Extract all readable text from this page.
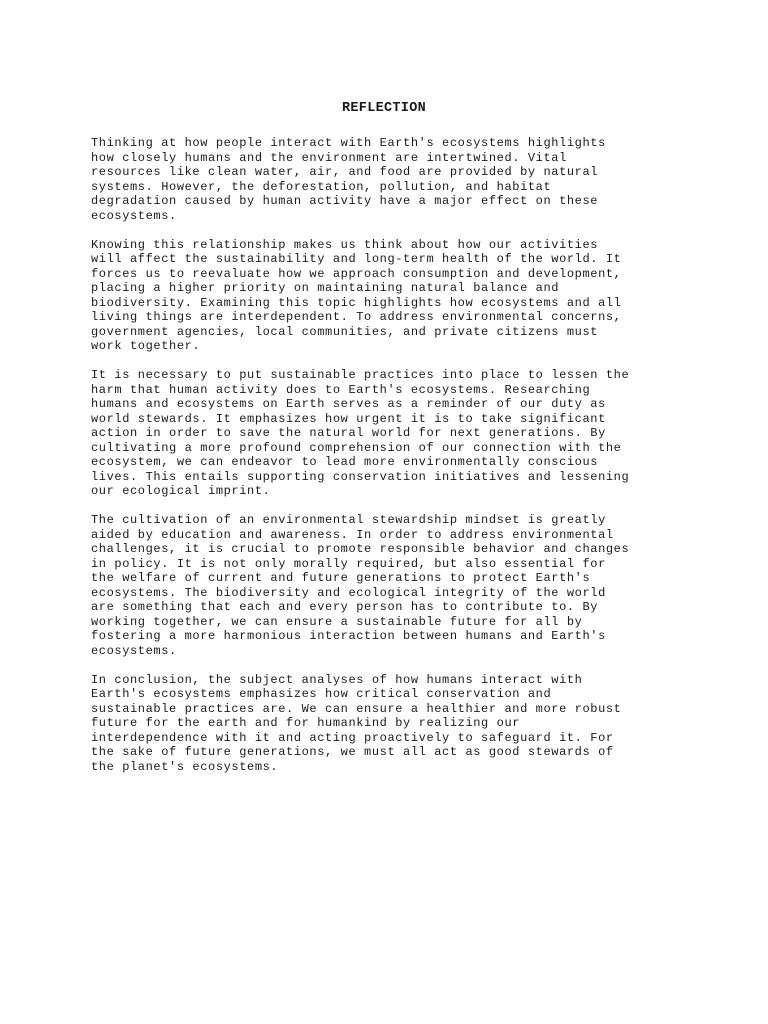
REFLECTION

Thinking at how people interact with Earth's ecosystems highlights
how closely humans and the environment are intertwined. Vital
resources like clean water, air, and food are provided by natural
systems. However, the deforestation, pollution, and habitat
degradation caused by human activity have a major effect on these
ecosystems.

Knowing this relationship makes us think about how our activities
will affect the sustainability and long-term health of the world. It
forces us to reevaluate how we approach consumption and development,
placing a higher priority on maintaining natural balance and
biodiversity. Examining this topic highlights how ecosystems and all
living things are interdependent. To address environmental concerns,
government agencies, local communities, and private citizens must
work together.

It is necessary to put sustainable practices into place to lessen the
harm that human activity does to Earth's ecosystems. Researching
humans and ecosystems on Earth serves as a reminder of our duty as
world stewards. It emphasizes how urgent it is to take significant
action in order to save the natural world for next generations. By
cultivating a more profound comprehension of our connection with the
ecosystem, we can endeavor to lead more environmentally conscious
lives. This entails supporting conservation initiatives and lessening
our ecological imprint.

The cultivation of an environmental stewardship mindset is greatly
aided by education and awareness. In order to address environmental
challenges, it is crucial to promote responsible behavior and changes
in policy. It is not only morally required, but also essential for
the welfare of current and future generations to protect Earth's
ecosystems. The biodiversity and ecological integrity of the world
are something that each and every person has to contribute to. By
working together, we can ensure a sustainable future for all by
fostering a more harmonious interaction between humans and Earth's
ecosystems.

In conclusion, the subject analyses of how humans interact with
Earth's ecosystems emphasizes how critical conservation and
sustainable practices are. We can ensure a healthier and more robust
future for the earth and for humankind by realizing our
interdependence with it and acting proactively to safeguard it. For
the sake of future generations, we must all act as good stewards of
the planet's ecosystems.
